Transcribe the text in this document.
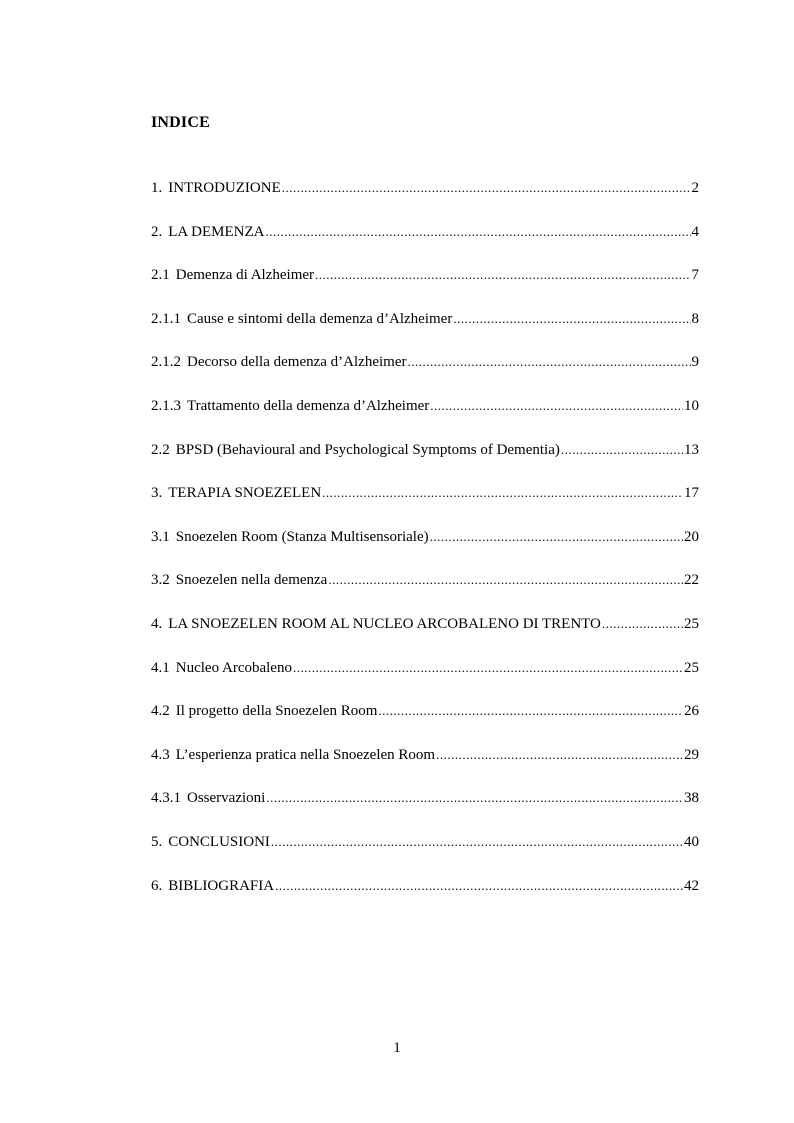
INDICE
1. INTRODUZIONE .....	2
2. LA DEMENZA .....	4
2.1 Demenza di Alzheimer .....	7
2.1.1 Cause e sintomi della demenza d’Alzheimer .....	8
2.1.2 Decorso della demenza d’Alzheimer .....	9
2.1.3 Trattamento della demenza d’Alzheimer .....	10
2.2 BPSD (Behavioural and Psychological Symptoms of Dementia) .....	13
3. TERAPIA SNOEZELEN .....	17
3.1 Snoezelen Room (Stanza Multisensoriale) .....	20
3.2 Snoezelen nella demenza .....	22
4. LA SNOEZELEN ROOM AL NUCLEO ARCOBALENO DI TRENTO .....	25
4.1 Nucleo Arcobaleno .....	25
4.2 Il progetto della Snoezelen Room .....	26
4.3 L’esperienza pratica nella Snoezelen Room .....	29
4.3.1 Osservazioni .....	38
5. CONCLUSIONI .....	40
6. BIBLIOGRAFIA .....	42
1
